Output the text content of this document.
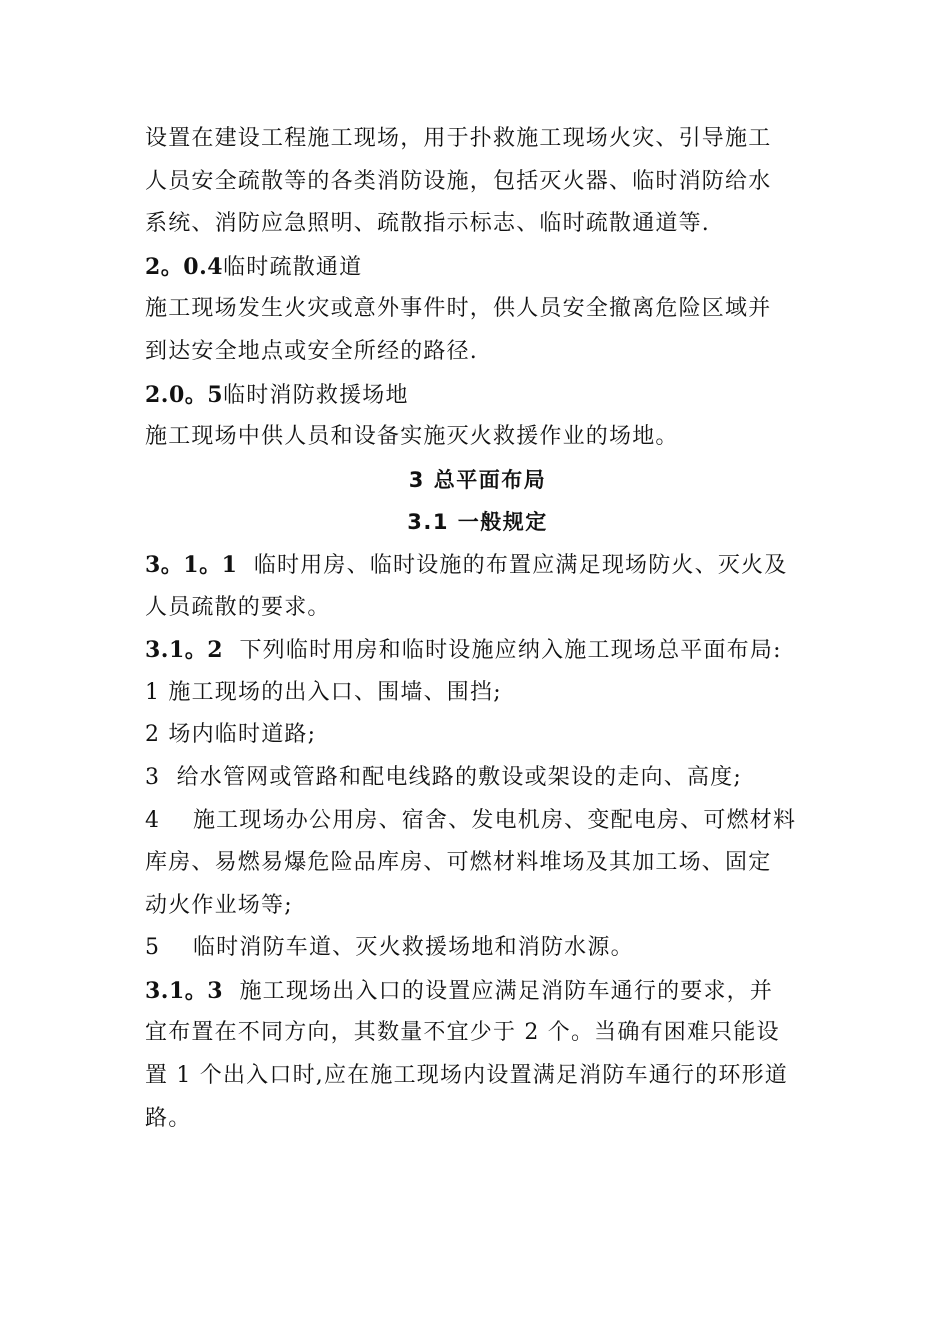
设置在建设工程施工现场，用于扑救施工现场火灾、引导施工
人员安全疏散等的各类消防设施，包括灭火器、临时消防给水
系统、消防应急照明、疏散指示标志、临时疏散通道等.
2。0.4临时疏散通道
施工现场发生火灾或意外事件时，供人员安全撤离危险区域并
到达安全地点或安全所经的路径.
2.0。5临时消防救援场地
施工现场中供人员和设备实施灭火救援作业的场地。
3 总平面布局
3.1 一般规定
3。1。1  临时用房、临时设施的布置应满足现场防火、灭火及
人员疏散的要求。
3.1。2  下列临时用房和临时设施应纳入施工现场总平面布局:
1 施工现场的出入口、围墙、围挡;
2 场内临时道路;
3  给水管网或管路和配电线路的敷设或架设的走向、高度;
4    施工现场办公用房、宿舍、发电机房、变配电房、可燃材料
库房、易燃易爆危险品库房、可燃材料堆场及其加工场、固定
动火作业场等;
5    临时消防车道、灭火救援场地和消防水源。
3.1。3  施工现场出入口的设置应满足消防车通行的要求，并
宜布置在不同方向，其数量不宜少于 2 个。当确有困难只能设
置 1 个出入口时,应在施工现场内设置满足消防车通行的环形道
路。
